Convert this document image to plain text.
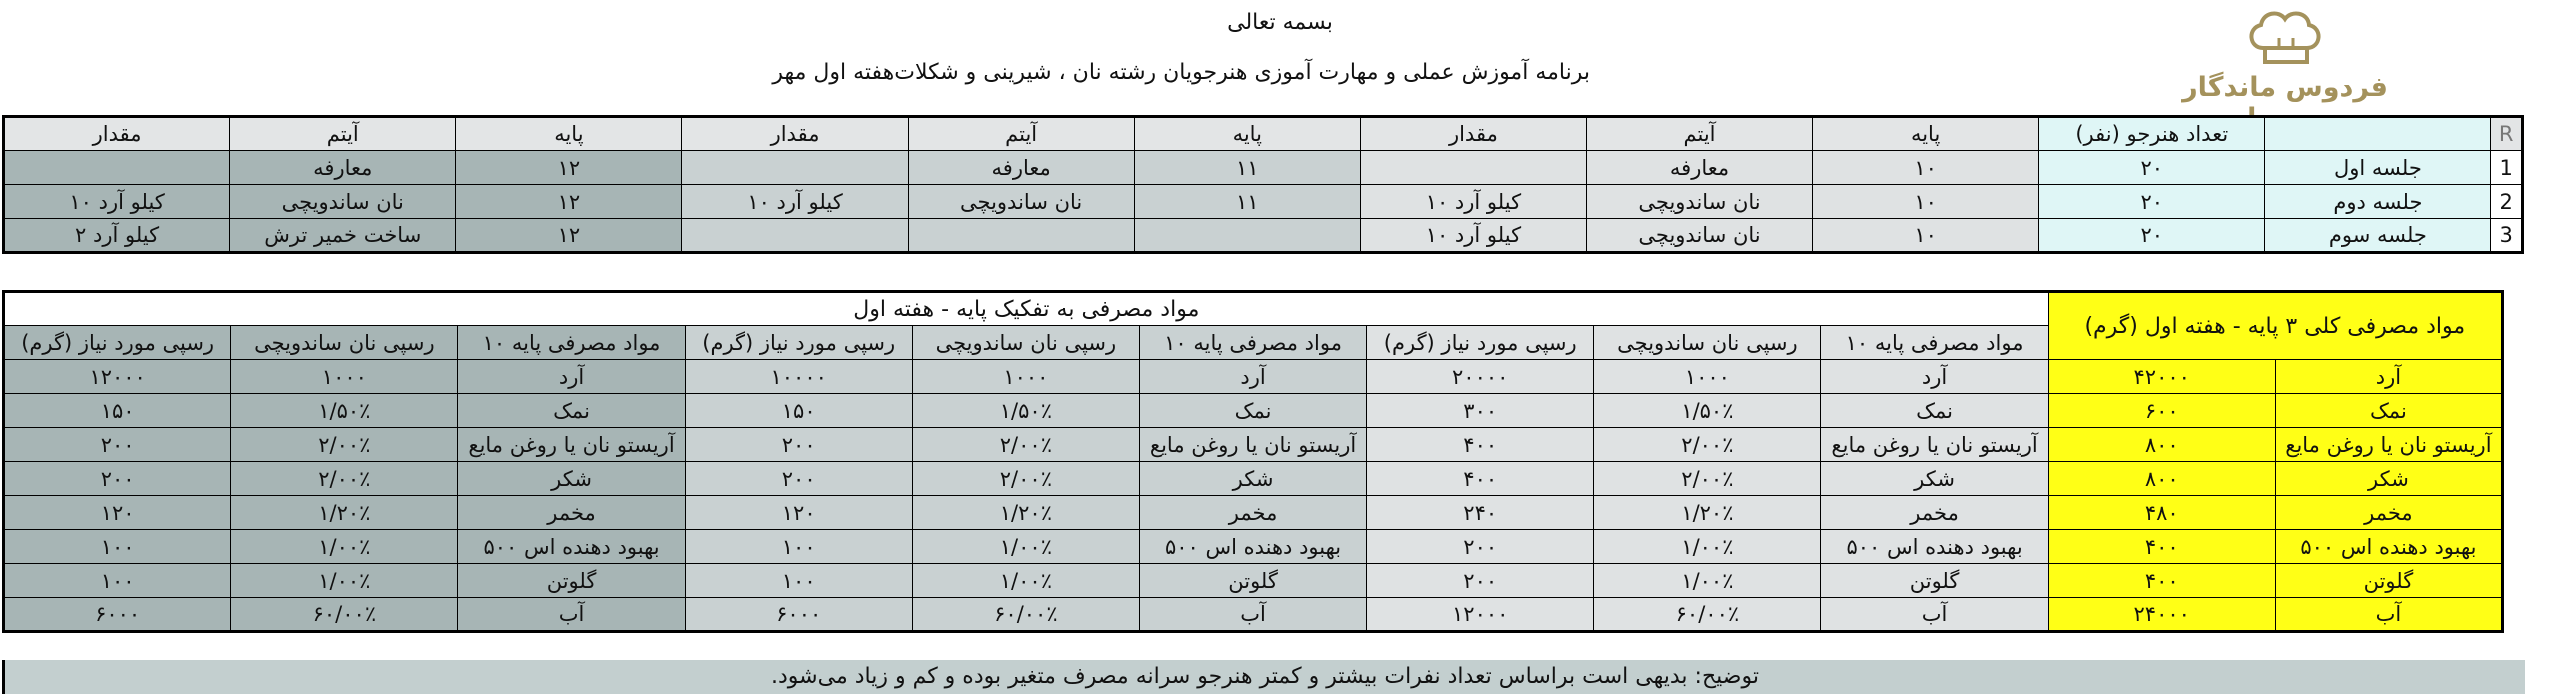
بسمه تعالی
برنامه آموزش عملی و مهارت آموزی هنرجویان رشته نان ، شیرینی و شکلات‌هفته اول مهر	فردوس ماندگار
R		تعداد هنرجو (نفر)	پایه	آیتم	مقدار	پایه	آیتم	مقدار	پایه	آیتم	مقدار
1	جلسه اول	۲۰	۱۰	معارفه		۱۱	معارفه		۱۲	معارفه	
2	جلسه دوم	۲۰	۱۰	نان ساندویچی	کیلو آرد ۱۰	۱۱	نان ساندویچی	کیلو آرد ۱۰	۱۲	نان ساندویچی	کیلو آرد ۱۰
3	جلسه سوم	۲۰	۱۰	نان ساندویچی	کیلو آرد ۱۰				۱۲	ساخت خمیر ترش	کیلو آرد ۲
مواد مصرفی کلی ۳ پایه - هفته اول (گرم)		مواد مصرفی به تفکیک پایه - هفته اول								
		مواد مصرفی پایه ۱۰	رسپی نان ساندویچی	رسپی مورد نیاز (گرم)	مواد مصرفی پایه ۱۰	رسپی نان ساندویچی	رسپی مورد نیاز (گرم)	مواد مصرفی پایه ۱۰	رسپی نان ساندویچی	رسپی مورد نیاز (گرم)
آرد	۴۲۰۰۰	آرد	۱۰۰۰	۲۰۰۰۰	آرد	۱۰۰۰	۱۰۰۰۰	آرد	۱۰۰۰	۱۲۰۰۰
نمک	۶۰۰	نمک	۱/۵۰٪	۳۰۰	نمک	۱/۵۰٪	۱۵۰	نمک	۱/۵۰٪	۱۵۰
آریستو نان یا روغن مایع	۸۰۰	آریستو نان یا روغن مایع	۲/۰۰٪	۴۰۰	آریستو نان یا روغن مایع	۲/۰۰٪	۲۰۰	آریستو نان یا روغن مایع	۲/۰۰٪	۲۰۰
شکر	۸۰۰	شکر	۲/۰۰٪	۴۰۰	شکر	۲/۰۰٪	۲۰۰	شکر	۲/۰۰٪	۲۰۰
مخمر	۴۸۰	مخمر	۱/۲۰٪	۲۴۰	مخمر	۱/۲۰٪	۱۲۰	مخمر	۱/۲۰٪	۱۲۰
بهبود دهنده اس ۵۰۰	۴۰۰	بهبود دهنده اس ۵۰۰	۱/۰۰٪	۲۰۰	بهبود دهنده اس ۵۰۰	۱/۰۰٪	۱۰۰	بهبود دهنده اس ۵۰۰	۱/۰۰٪	۱۰۰
گلوتن	۴۰۰	گلوتن	۱/۰۰٪	۲۰۰	گلوتن	۱/۰۰٪	۱۰۰	گلوتن	۱/۰۰٪	۱۰۰
آب	۲۴۰۰۰	آب	۶۰/۰۰٪	۱۲۰۰۰	آب	۶۰/۰۰٪	۶۰۰۰	آب	۶۰/۰۰٪	۶۰۰۰
توضیح: بدیهی است براساس تعداد نفرات بیشتر و کمتر هنرجو سرانه مصرف متغیر بوده و کم و زیاد می‌شود.
